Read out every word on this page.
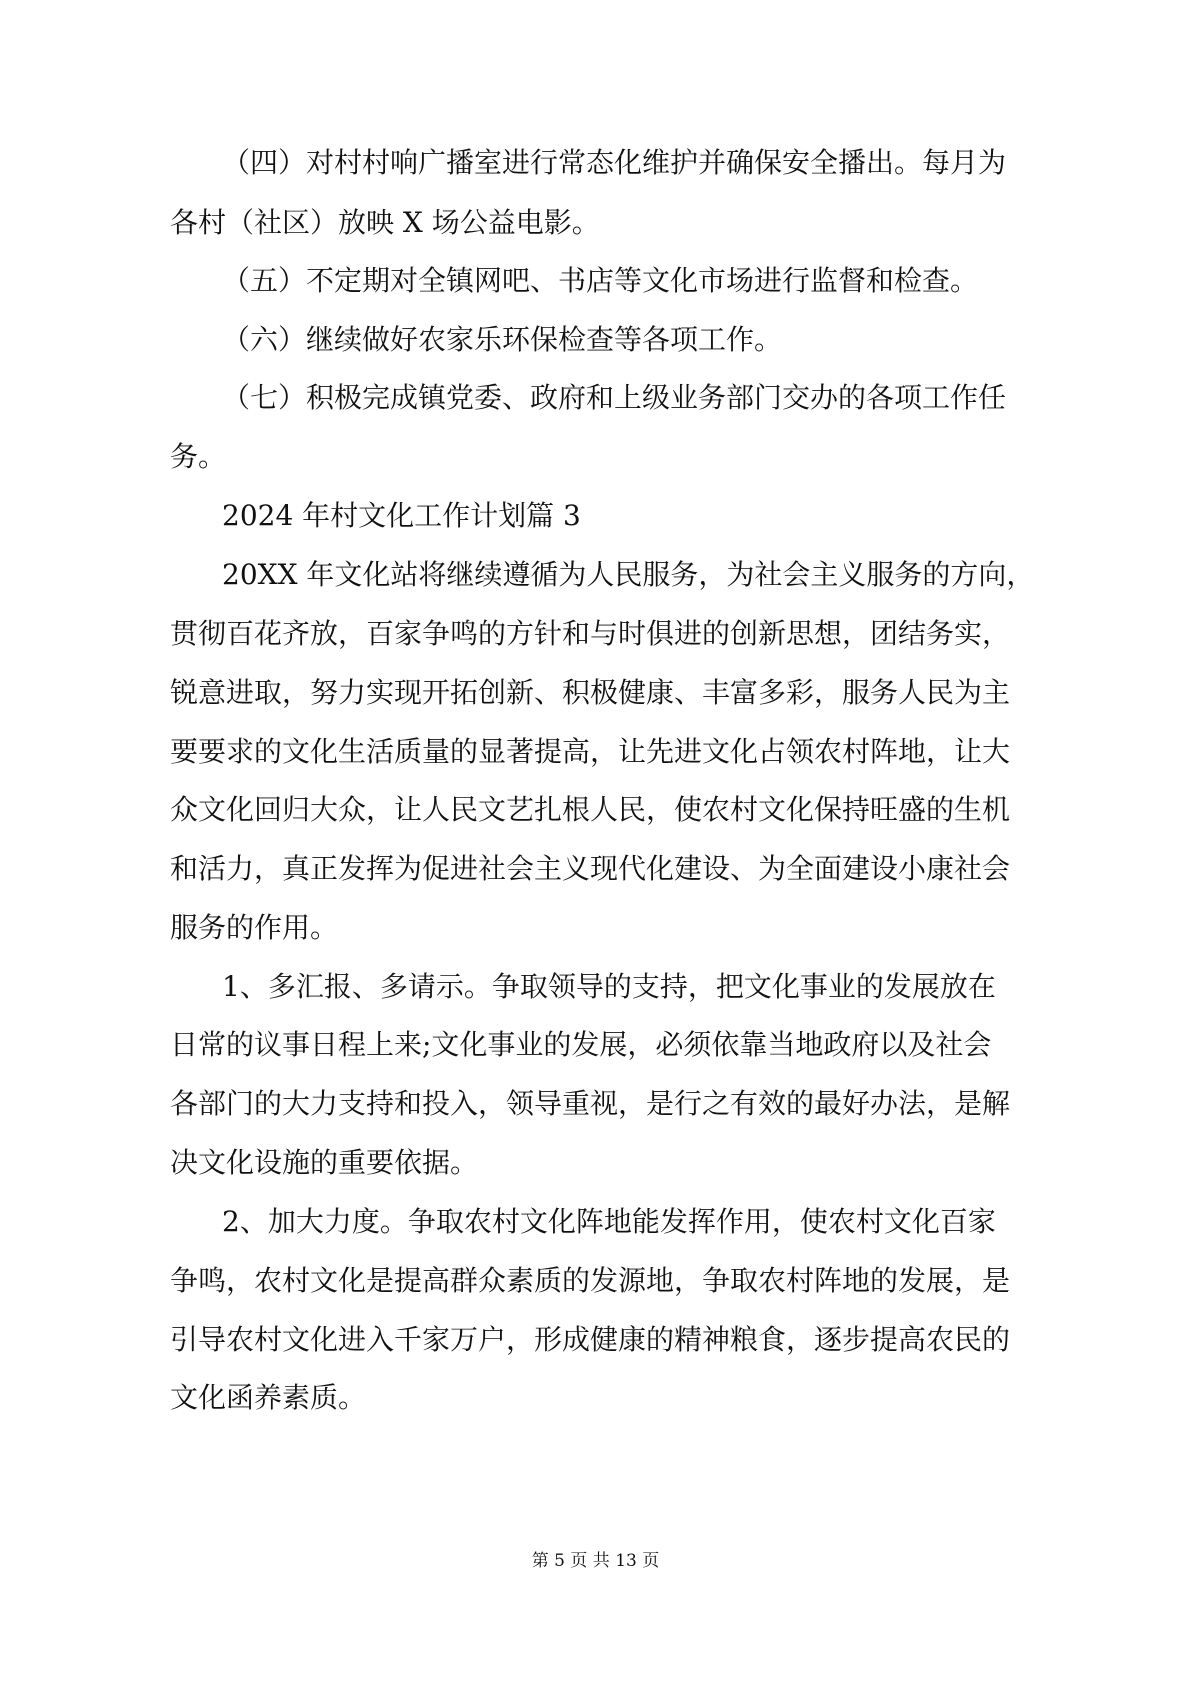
（四）对村村响广播室进行常态化维护并确保安全播出。每月为
各村（社区）放映 X 场公益电影。
（五）不定期对全镇网吧、书店等文化市场进行监督和检查。
（六）继续做好农家乐环保检查等各项工作。
（七）积极完成镇党委、政府和上级业务部门交办的各项工作任
务。
2024 年村文化工作计划篇 3
20XX 年文化站将继续遵循为人民服务，为社会主义服务的方向，
贯彻百花齐放，百家争鸣的方针和与时俱进的创新思想，团结务实，
锐意进取，努力实现开拓创新、积极健康、丰富多彩，服务人民为主
要要求的文化生活质量的显著提高，让先进文化占领农村阵地，让大
众文化回归大众，让人民文艺扎根人民，使农村文化保持旺盛的生机
和活力，真正发挥为促进社会主义现代化建设、为全面建设小康社会
服务的作用。
1、多汇报、多请示。争取领导的支持，把文化事业的发展放在
日常的议事日程上来;文化事业的发展，必须依靠当地政府以及社会
各部门的大力支持和投入，领导重视，是行之有效的最好办法，是解
决文化设施的重要依据。
2、加大力度。争取农村文化阵地能发挥作用，使农村文化百家
争鸣，农村文化是提高群众素质的发源地，争取农村阵地的发展，是
引导农村文化进入千家万户，形成健康的精神粮食，逐步提高农民的
文化函养素质。
第 5 页 共 13 页
